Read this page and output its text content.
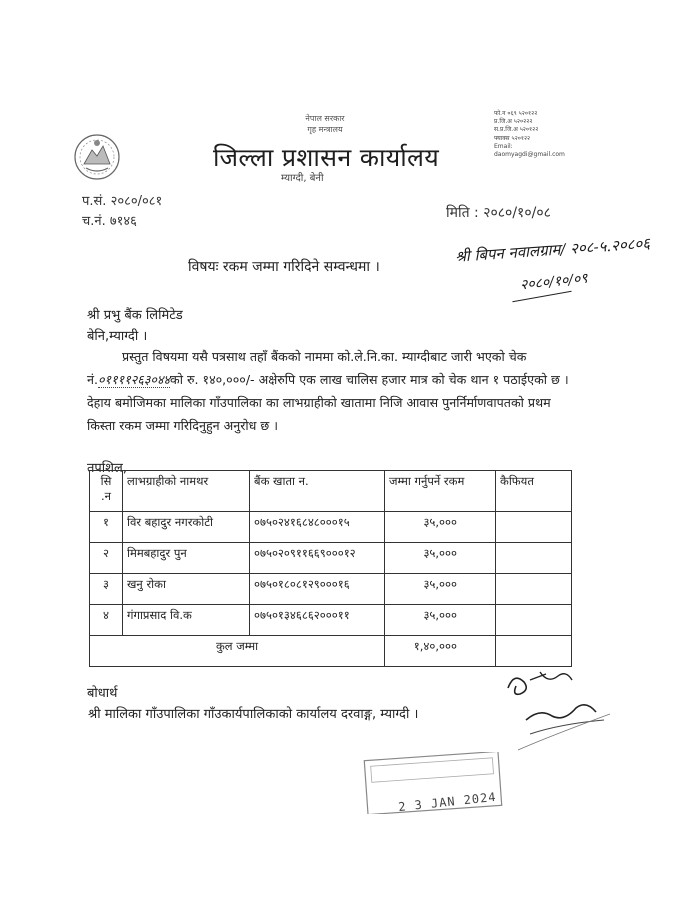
नेपाल सरकार
गृह मन्त्रालय
जिल्ला प्रशासन कार्यालय
म्याग्दी, बेनी
फो.न ०६९ ५२०१२२
प्र.जि.अ ५२०२२२
स.प्र.जि.अ ५२०१२२
फ्याक्स ५२०१२२
Email:
daomyagdi@gmail.com
प.सं. २०८०/०८१
च.नं. ७१४६
मिति : २०८०/१०/०८
श्री बिपन नवालग्राम/ २०८-५.२०८०६
२०८०/१०/०९
विषयः रकम जम्मा गरिदिने सम्वन्धमा ।
श्री प्रभु बैंक लिमिटेड
बेनि,म्याग्दी ।

प्रस्तुत विषयमा यसै पत्रसाथ तहाँ बैंकको नाममा को.ले.नि.का. म्याग्दीबाट जारी भएको चेक नं.०११११२६३०४४को रु. १४०,०००/- अक्षेरुपि एक लाख चालिस हजार मात्र को चेक थान १ पठाईएको छ । देहाय बमोजिमका मालिका गाँउपालिका का लाभग्राहीको खातामा निजि आवास पुनर्निर्माणवापतको प्रथम किस्ता रकम जम्मा गरिदिनुहुन अनुरोध छ ।

तपशिल,
सि .न	लाभग्राहीको नामथर	बैंक खाता न.	जम्मा गर्नुपर्ने रकम	कैफियत
१	विर बहादुर नगरकोटी	०७५०२४१६८४८०००१५	३५,०००	
२	मिमबहादुर पुन	०७५०२०९११६६९०००१२	३५,०००	
३	खनु रोका	०७५०१८०८१२९०००१६	३५,०००	
४	गंगाप्रसाद वि.क	०७५०१३४६८६२०००११	३५,०००	
कुल जम्मा			१,४०,०००	
बोधार्थ
श्री मालिका गाँउपालिका गाँउकार्यपालिकाको कार्यालय दरवाङ्ग, म्याग्दी ।
2 3 JAN 2024
